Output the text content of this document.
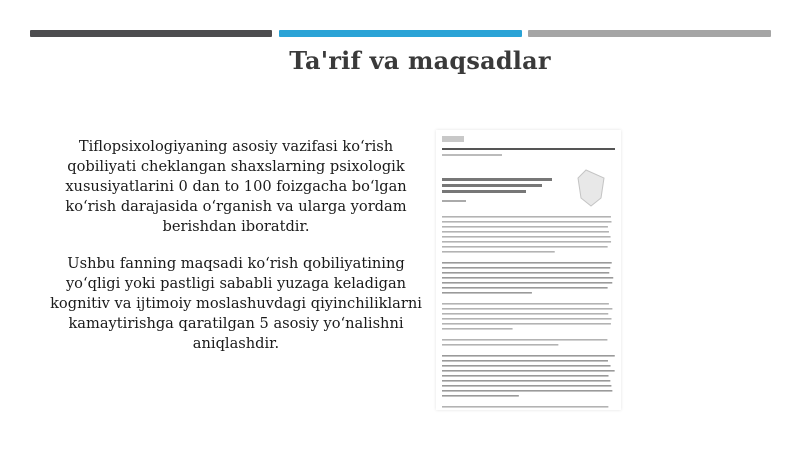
Ta'rif va maqsadlar

Tiflopsixologiyaning asosiy vazifasi ko‘rish qobiliyati cheklangan shaxslarning psixologik xususiyatlarini 0 dan to 100 foizgacha bo‘lgan ko‘rish darajasida o‘rganish va ularga yordam berishdan iboratdir.

Ushbu fanning maqsadi ko‘rish qobiliyatining yo‘qligi yoki pastligi sababli yuzaga keladigan kognitiv va ijtimoiy moslashuvdagi qiyinchiliklarni kamaytirishga qaratilgan 5 asosiy yo‘nalishni aniqlashdir.
